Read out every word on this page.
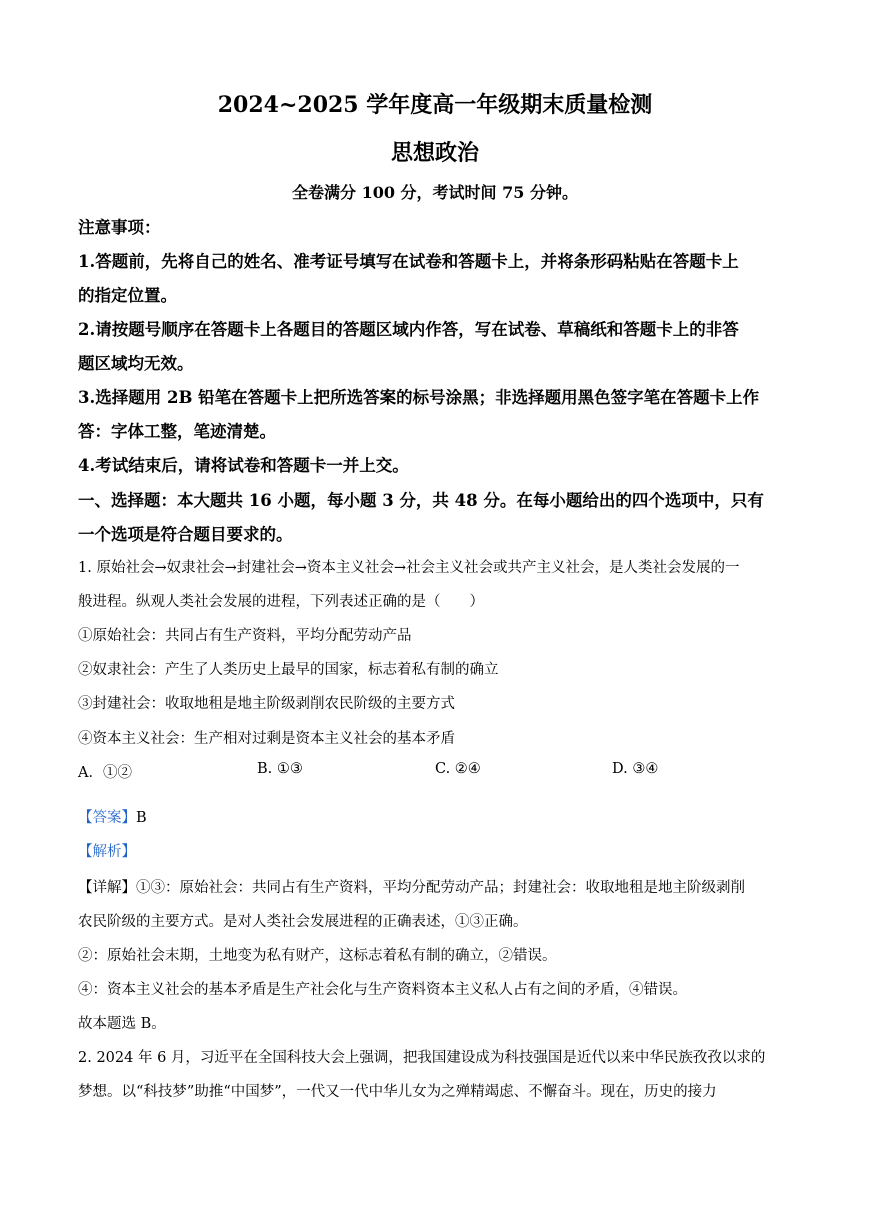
2024~2025 学年度高一年级期末质量检测
思想政治
全卷满分 100 分，考试时间 75 分钟。
注意事项：
1.答题前，先将自己的姓名、准考证号填写在试卷和答题卡上，并将条形码粘贴在答题卡上
的指定位置。
2.请按题号顺序在答题卡上各题目的答题区域内作答，写在试卷、草稿纸和答题卡上的非答
题区域均无效。
3.选择题用 2B 铅笔在答题卡上把所选答案的标号涂黑；非选择题用黑色签字笔在答题卡上作
答：字体工整，笔迹清楚。
4.考试结束后，请将试卷和答题卡一并上交。
一、选择题：本大题共 16 小题，每小题 3 分，共 48 分。在每小题给出的四个选项中，只有
一个选项是符合题目要求的。
1. 原始社会→奴隶社会→封建社会→资本主义社会→社会主义社会或共产主义社会，是人类社会发展的一
般进程。纵观人类社会发展的进程，下列表述正确的是（　　）
①原始社会：共同占有生产资料，平均分配劳动产品
②奴隶社会：产生了人类历史上最早的国家，标志着私有制的确立
③封建社会：收取地租是地主阶级剥削农民阶级的主要方式
④资本主义社会：生产相对过剩是资本主义社会的基本矛盾
A．①②	B. ①③	C. ②④	D. ③④
【答案】B
【解析】
【详解】①③：原始社会：共同占有生产资料，平均分配劳动产品；封建社会：收取地租是地主阶级剥削
农民阶级的主要方式。是对人类社会发展进程的正确表述，①③正确。
②：原始社会末期，土地变为私有财产，这标志着私有制的确立，②错误。
④：资本主义社会的基本矛盾是生产社会化与生产资料资本主义私人占有之间的矛盾，④错误。
故本题选 B。
2. 2024 年 6 月，习近平在全国科技大会上强调，把我国建设成为科技强国是近代以来中华民族孜孜以求的
梦想。以“科技梦”助推“中国梦”，一代又一代中华儿女为之殚精竭虑、不懈奋斗。现在，历史的接力
